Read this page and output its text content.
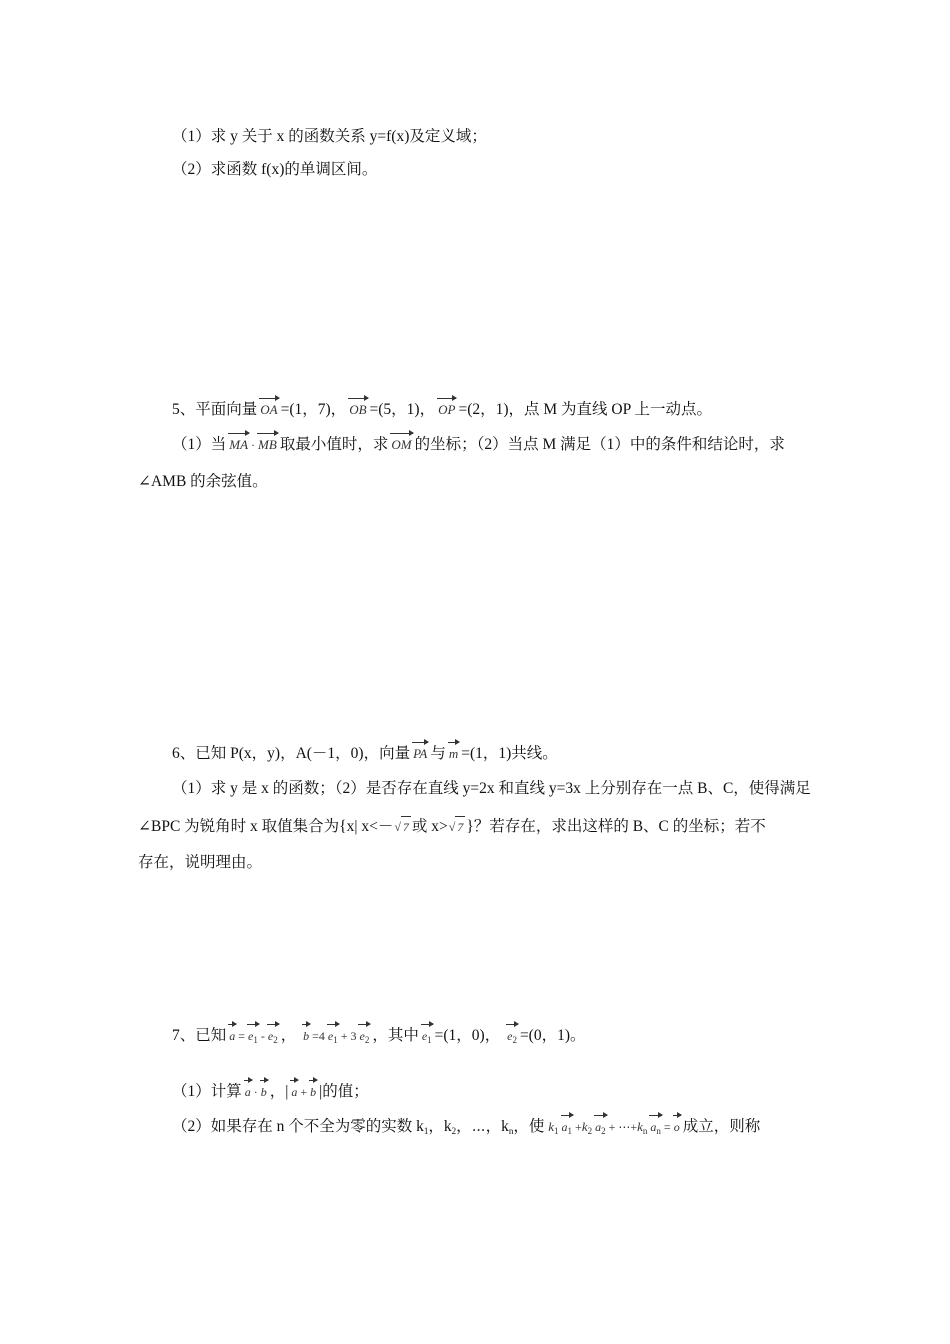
（1）求 y 关于 x 的函数关系 y=f(x)及定义域；
（2）求函数 f(x)的单调区间。
5、平面向量 OA =(1，7)， OB =(5，1)， OP =(2，1)，点 M 为直线 OP 上一动点。
（1）当 MA · MB 取最小值时，求 OM 的坐标；（2）当点 M 满足（1）中的条件和结论时，求
∠AMB 的余弦值。
6、已知 P(x，y)，A(－1，0)，向量 PA 与 m =(1，1)共线。
（1）求 y 是 x 的函数；（2）是否存在直线 y=2x 和直线 y=3x 上分别存在一点 B、C，使得满足
∠BPC 为锐角时 x 取值集合为{x| x<－√ 7 或 x>√ 7 }？若存在，求出这样的 B、C 的坐标；若不
存在，说明理由。
7、已知 $a = e_1 - e_2$ ， b =4 $e_1 + 3$ $e_2$ ，其中 $e_1 =(1$，0)， $e_2 =(0$，1)。
（1）计算 a · b ，| a + b |的值；
（2）如果存在 n 个不全为零的实数 $k_1$，$k_2$，⋯，$k_n$，使 $k_1$ $a_1 +k_2$ $a_2$ + $\cdots+k_n$ $a_n = o$ 成立，则称
